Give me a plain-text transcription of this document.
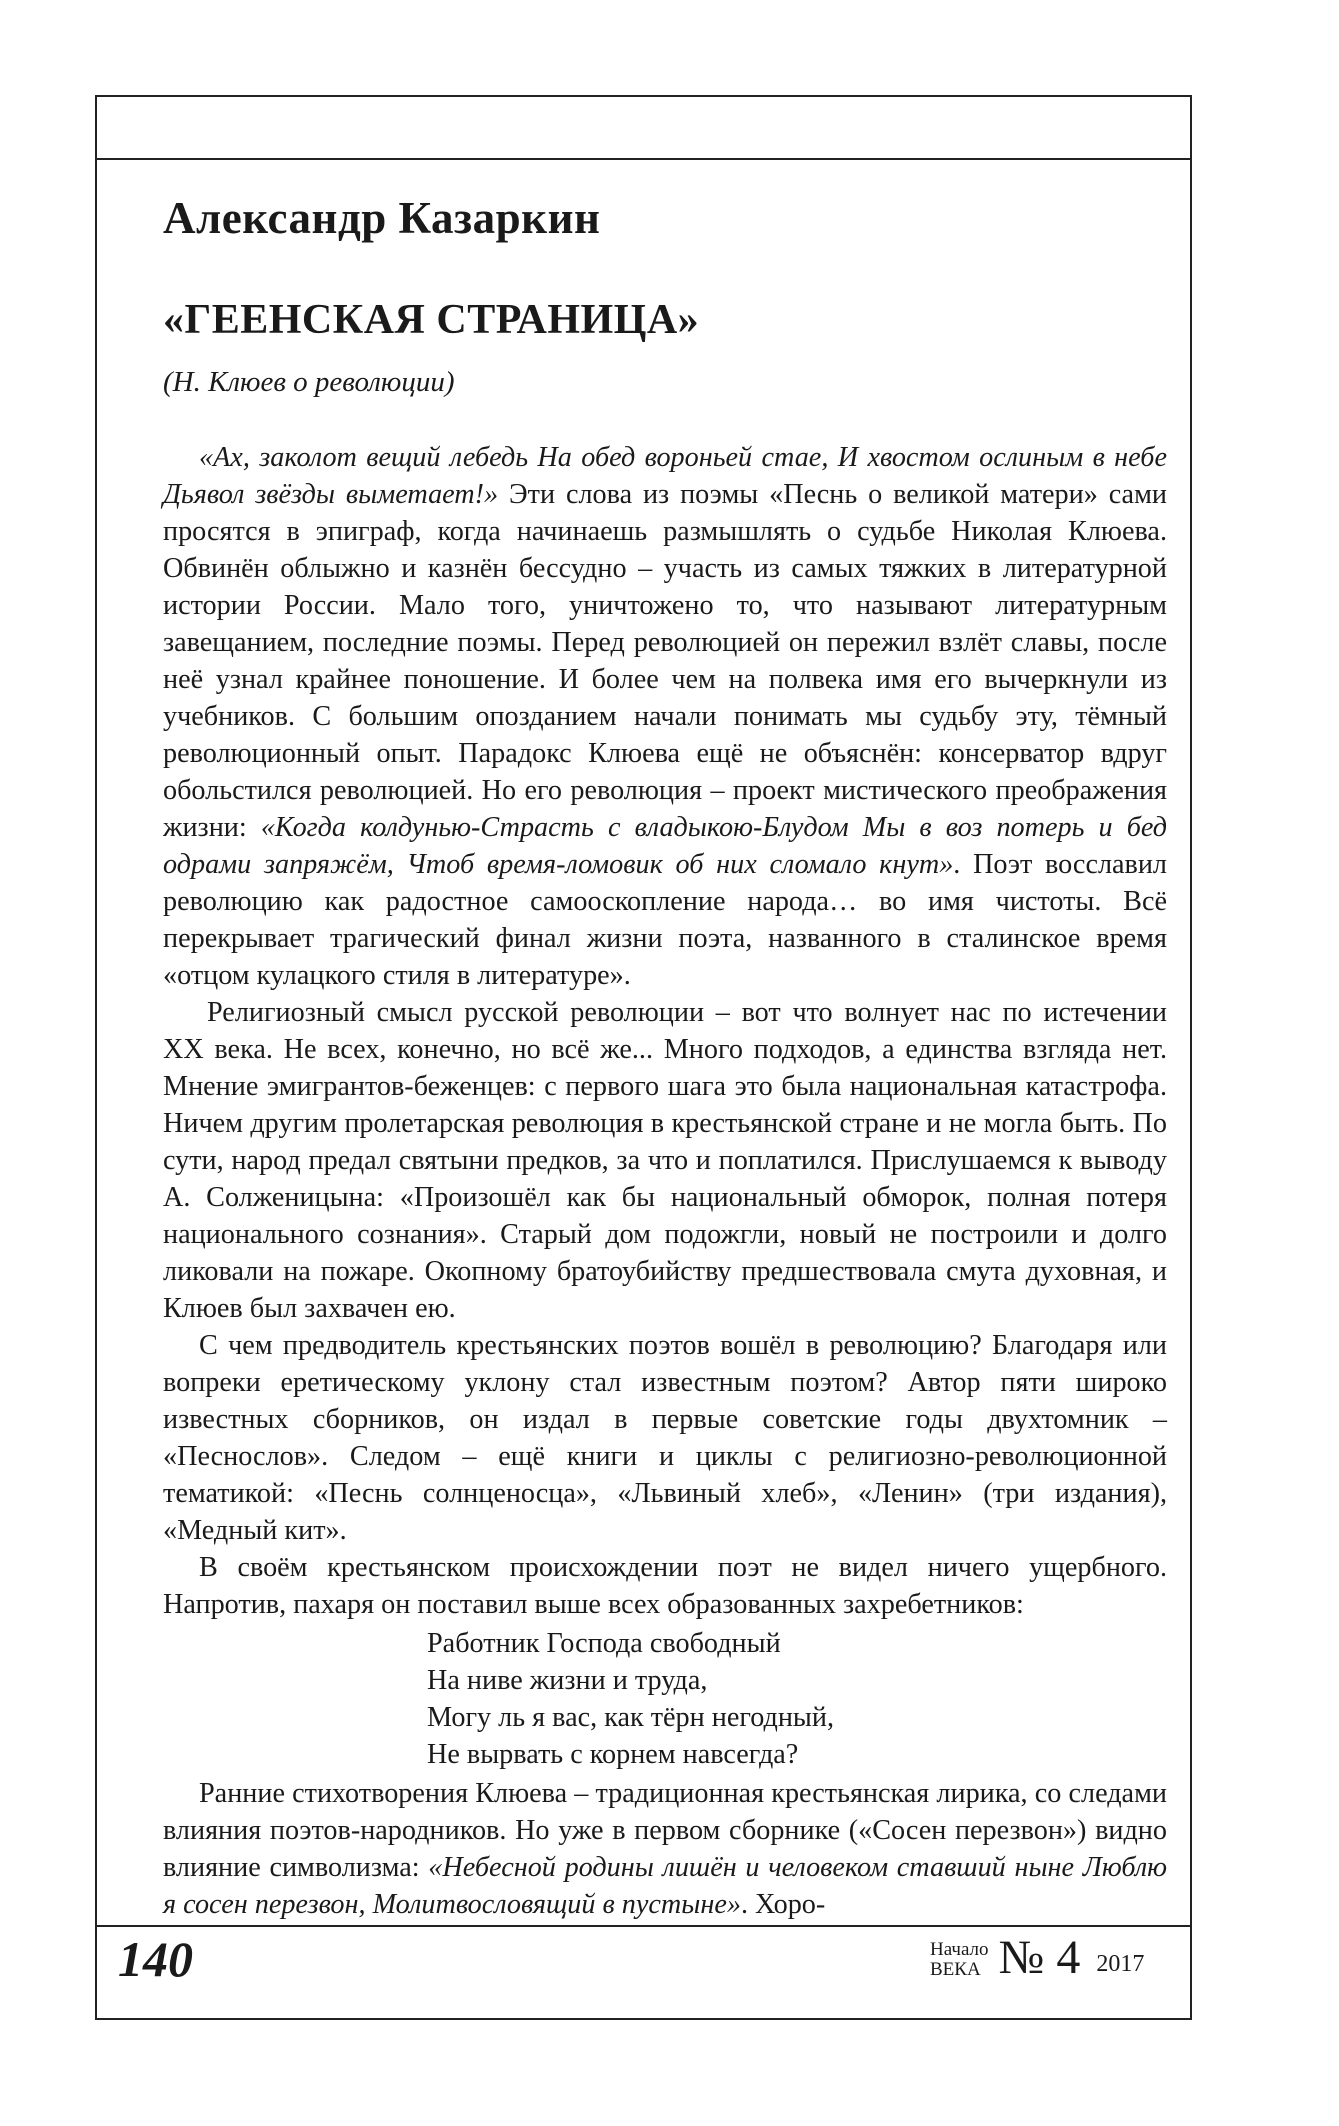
Александр Казаркин
«ГЕЕНСКАЯ СТРАНИЦА»
(Н. Клюев о революции)

«Ах, заколот вещий лебедь На обед вороньей стае, И хвостом ослиным в небе Дьявол звёзды выметает!» Эти слова из поэмы «Песнь о великой матери» сами просятся в эпиграф, когда начинаешь размышлять о судьбе Николая Клюева. Обвинён облыжно и казнён бессудно – участь из самых тяжких в литературной истории России. Мало того, уничтожено то, что называют литературным завещанием, последние поэмы. Перед революцией он пережил взлёт славы, после неё узнал крайнее поношение. И более чем на полвека имя его вычеркнули из учебников. С большим опозданием начали понимать мы судьбу эту, тёмный революционный опыт. Парадокс Клюева ещё не объяснён: консерватор вдруг обольстился революцией. Но его революция – проект мистического преображения жизни: «Когда колдунью-Страсть с владыкою-Блудом Мы в воз потерь и бед одрами запряжём, Чтоб время-ломовик об них сломало кнут». Поэт восславил революцию как радостное самооскопление народа… во имя чистоты. Всё перекрывает трагический финал жизни поэта, названного в сталинское время «отцом кулацкого стиля в литературе».

Религиозный смысл русской революции – вот что волнует нас по истечении XX века. Не всех, конечно, но всё же... Много подходов, а единства взгляда нет. Мнение эмигрантов-беженцев: с первого шага это была национальная катастрофа. Ничем другим пролетарская революция в крестьянской стране и не могла быть. По сути, народ предал святыни предков, за что и поплатился. Прислушаемся к выводу А. Солженицына: «Произошёл как бы национальный обморок, полная потеря национального сознания». Старый дом подожгли, новый не построили и долго ликовали на пожаре. Окопному братоубийству предшествовала смута духовная, и Клюев был захвачен ею.

С чем предводитель крестьянских поэтов вошёл в революцию? Благодаря или вопреки еретическому уклону стал известным поэтом? Автор пяти широко известных сборников, он издал в первые советские годы двухтомник – «Песнослов». Следом – ещё книги и циклы с религиозно-революционной тематикой: «Песнь солнценосца», «Львиный хлеб», «Ленин» (три издания), «Медный кит».

В своём крестьянском происхождении поэт не видел ничего ущербного. Напротив, пахаря он поставил выше всех образованных захребетников:

Работник Господа свободный
На ниве жизни и труда,
Могу ль я вас, как тёрн негодный,
Не вырвать с корнем навсегда?

Ранние стихотворения Клюева – традиционная крестьянская лирика, со следами влияния поэтов-народников. Но уже в первом сборнике («Сосен перезвон») видно влияние символизма: «Небесной родины лишён и человеком ставший ныне Люблю я сосен перезвон, Молитвословящий в пустыне». Хоро-

140	Начало
ВЕКА № 4 2017
